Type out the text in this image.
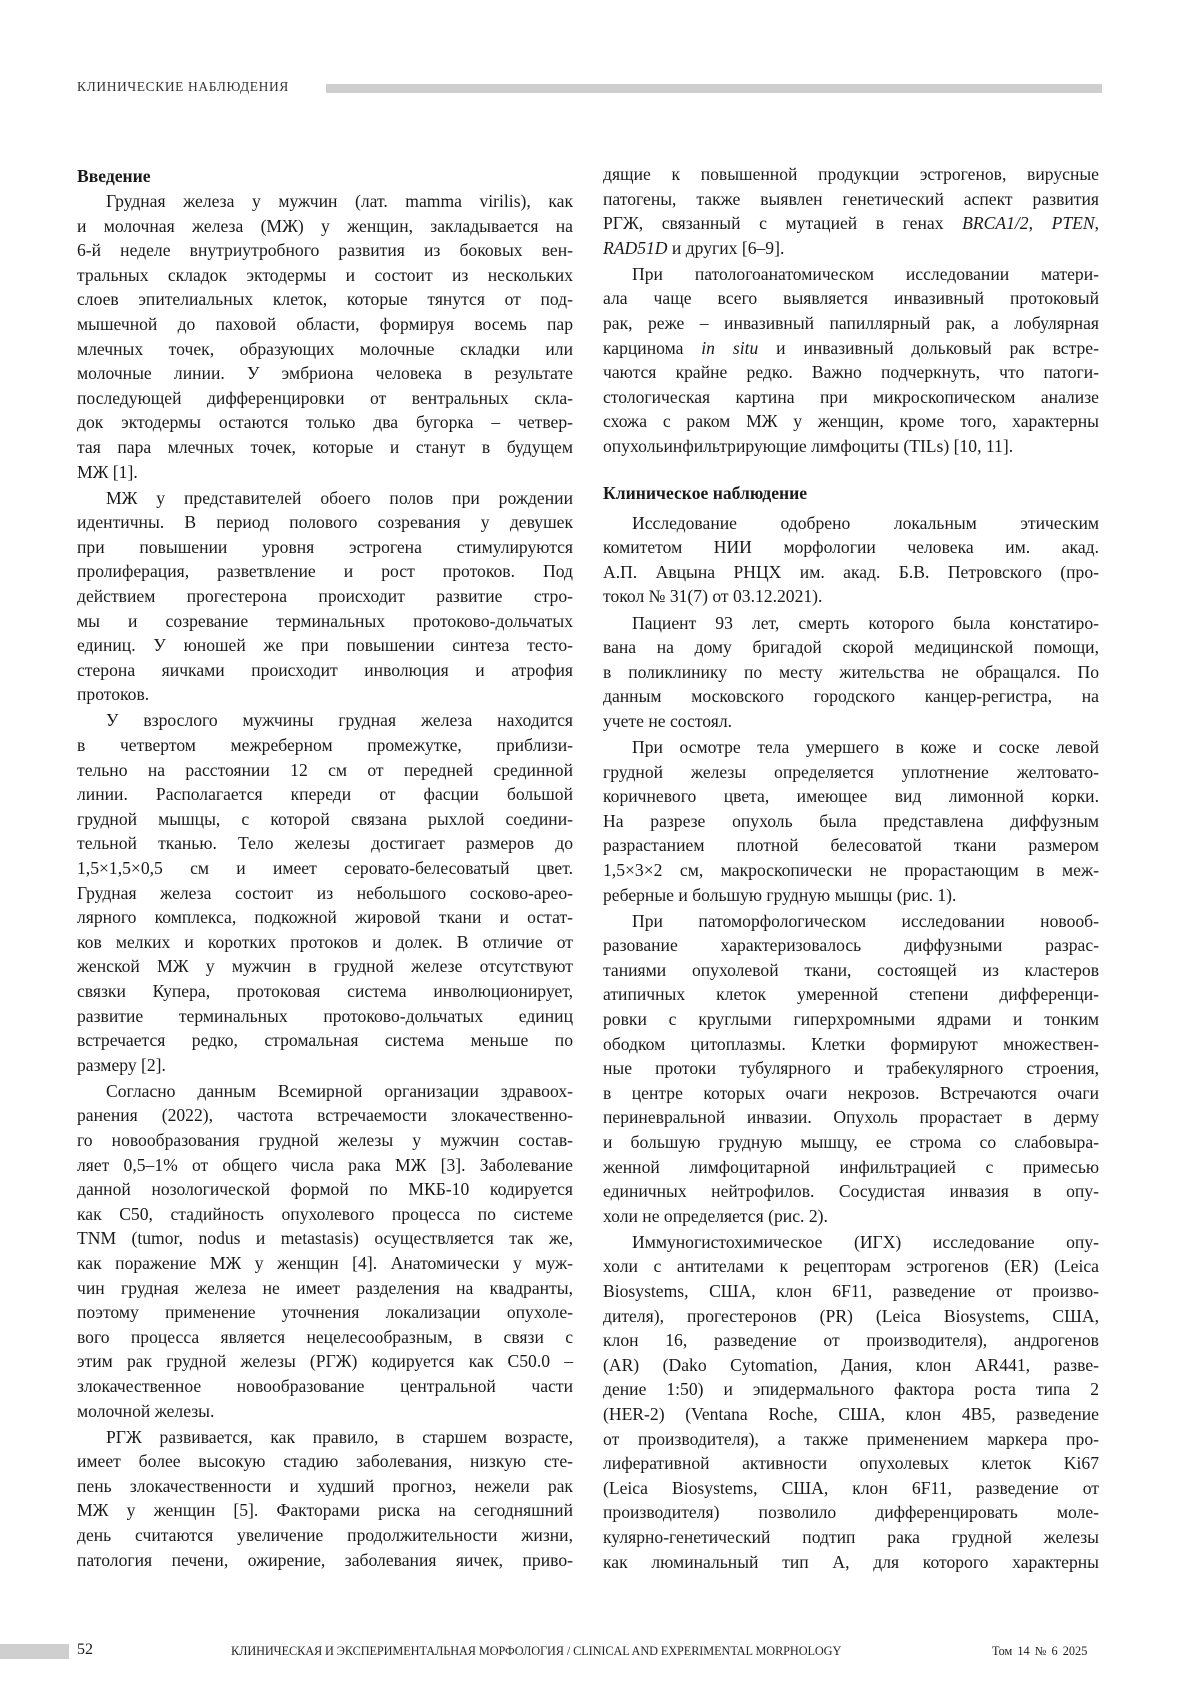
КЛИНИЧЕСКИЕ НАБЛЮДЕНИЯ
Введение
Грудная железа у мужчин (лат. mamma virilis), как
и молочная железа (МЖ) у женщин, закладывается на
6-й неделе внутриутробного развития из боковых вен-
тральных складок эктодермы и состоит из нескольких
слоев эпителиальных клеток, которые тянутся от под-
мышечной до паховой области, формируя восемь пар
млечных точек, образующих молочные складки или
молочные линии. У эмбриона человека в результате
последующей дифференцировки от вентральных скла-
док эктодермы остаются только два бугорка – четвер-
тая пара млечных точек, которые и станут в будущем
МЖ [1].
МЖ у представителей обоего полов при рождении
идентичны. В период полового созревания у девушек
при повышении уровня эстрогена стимулируются
пролиферация, разветвление и рост протоков. Под
действием прогестерона происходит развитие стро-
мы и созревание терминальных протоково-дольчатых
единиц. У юношей же при повышении синтеза тесто-
стерона яичками происходит инволюция и атрофия
протоков.
У взрослого мужчины грудная железа находится
в четвертом межреберном промежутке, приблизи-
тельно на расстоянии 12 см от передней срединной
линии. Располагается кпереди от фасции большой
грудной мышцы, с которой связана рыхлой соедини-
тельной тканью. Тело железы достигает размеров до
1,5×1,5×0,5 см и имеет серовато-белесоватый цвет.
Грудная железа состоит из небольшого сосково-арео-
лярного комплекса, подкожной жировой ткани и остат-
ков мелких и коротких протоков и долек. В отличие от
женской МЖ у мужчин в грудной железе отсутствуют
связки Купера, протоковая система инволюционирует,
развитие терминальных протоково-дольчатых единиц
встречается редко, стромальная система меньше по
размеру [2].
Согласно данным Всемирной организации здравоох-
ранения (2022), частота встречаемости злокачественно-
го новообразования грудной железы у мужчин состав-
ляет 0,5–1% от общего числа рака МЖ [3]. Заболевание
данной нозологической формой по МКБ-10 кодируется
как C50, стадийность опухолевого процесса по системе
TNM (tumor, nodus и metastasis) осуществляется так же,
как поражение МЖ у женщин [4]. Анатомически у муж-
чин грудная железа не имеет разделения на квадранты,
поэтому применение уточнения локализации опухоле-
вого процесса является нецелесообразным, в связи с
этим рак грудной железы (РГЖ) кодируется как C50.0 –
злокачественное новообразование центральной части
молочной железы.
РГЖ развивается, как правило, в старшем возрасте,
имеет более высокую стадию заболевания, низкую сте-
пень злокачественности и худший прогноз, нежели рак
МЖ у женщин [5]. Факторами риска на сегодняшний
день считаются увеличение продолжительности жизни,
патология печени, ожирение, заболевания яичек, приво-
дящие к повышенной продукции эстрогенов, вирусные
патогены, также выявлен генетический аспект развития
РГЖ, связанный с мутацией в генах BRCA1/2, PTEN,
RAD51D и других [6–9].
При патологоанатомическом исследовании матери-
ала чаще всего выявляется инвазивный протоковый
рак, реже – инвазивный папиллярный рак, а лобулярная
карцинома in situ и инвазивный дольковый рак встре-
чаются крайне редко. Важно подчеркнуть, что патоги-
стологическая картина при микроскопическом анализе
схожа с раком МЖ у женщин, кроме того, характерны
опухольинфильтрирующие лимфоциты (TILs) [10, 11].
Клиническое наблюдение
Исследование одобрено локальным этическим
комитетом НИИ морфологии человека им. акад.
А.П. Авцына РНЦХ им. акад. Б.В. Петровского (про-
токол № 31(7) от 03.12.2021).
Пациент 93 лет, смерть которого была констатиро-
вана на дому бригадой скорой медицинской помощи,
в поликлинику по месту жительства не обращался. По
данным московского городского канцер-регистра, на
учете не состоял.
При осмотре тела умершего в коже и соске левой
грудной железы определяется уплотнение желтовато-
коричневого цвета, имеющее вид лимонной корки.
На разрезе опухоль была представлена диффузным
разрастанием плотной белесоватой ткани размером
1,5×3×2 см, макроскопически не прорастающим в меж-
реберные и большую грудную мышцы (рис. 1).
При патоморфологическом исследовании новооб-
разование характеризовалось диффузными разрас-
таниями опухолевой ткани, состоящей из кластеров
атипичных клеток умеренной степени дифференци-
ровки с круглыми гиперхромными ядрами и тонким
ободком цитоплазмы. Клетки формируют множествен-
ные протоки тубулярного и трабекулярного строения,
в центре которых очаги некрозов. Встречаются очаги
периневральной инвазии. Опухоль прорастает в дерму
и большую грудную мышцу, ее строма со слабовыра-
женной лимфоцитарной инфильтрацией с примесью
единичных нейтрофилов. Сосудистая инвазия в опу-
холи не определяется (рис. 2).
Иммуногистохимическое (ИГХ) исследование опу-
холи с антителами к рецепторам эстрогенов (ER) (Leica
Biosystems, США, клон 6F11, разведение от произво-
дителя), прогестеронов (PR) (Leica Biosystems, США,
клон 16, разведение от производителя), андрогенов
(AR) (Dako Cytomation, Дания, клон AR441, разве-
дение 1:50) и эпидермального фактора роста типа 2
(HER-2) (Ventana Roche, США, клон 4B5, разведение
от производителя), а также применением маркера про-
лиферативной активности опухолевых клеток Ki67
(Leica Biosystems, США, клон 6F11, разведение от
производителя) позволило дифференцировать моле-
кулярно-генетический подтип рака грудной железы
как люминальный тип А, для которого характерны
52	КЛИНИЧЕСКАЯ И ЭКСПЕРИМЕНТАЛЬНАЯ МОРФОЛОГИЯ / CLINICAL AND EXPERIMENTAL MORPHOLOGY	Том 14 № 6 2025
